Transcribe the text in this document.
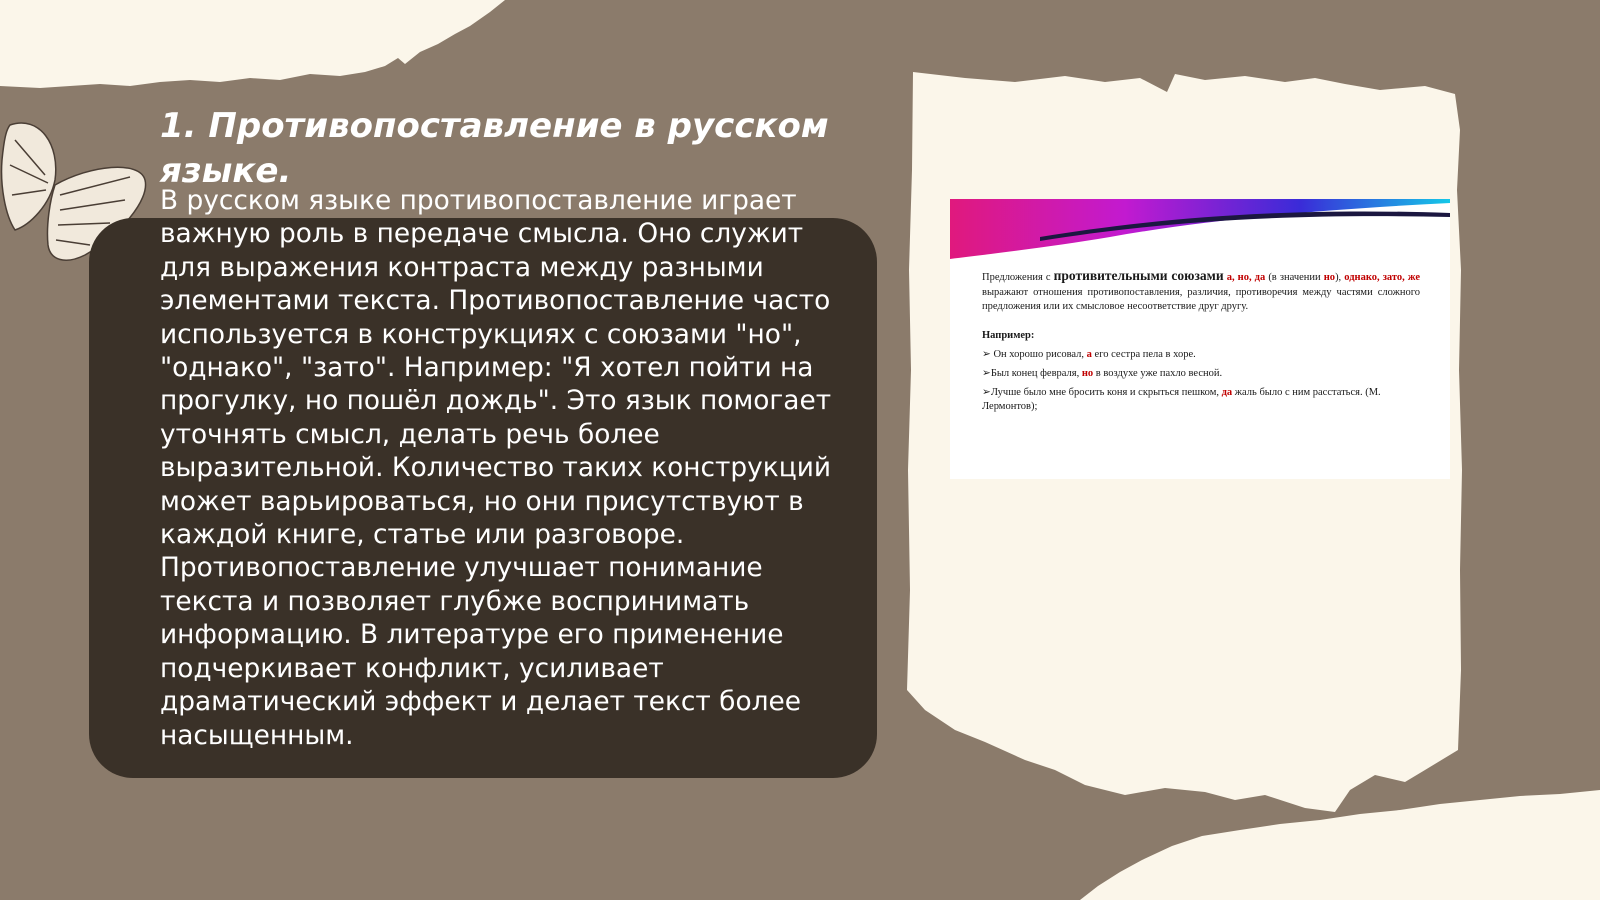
1. Противопоставление в русском языке.

В русском языке противопоставление играет важную роль в передаче смысла. Оно служит для выражения контраста между разными элементами текста. Противопоставление часто используется в конструкциях с союзами "но", "однако", "зато". Например: "Я хотел пойти на прогулку, но пошёл дождь". Это язык помогает уточнять смысл, делать речь более выразительной. Количество таких конструкций может варьироваться, но они присутствуют в каждой книге, статье или разговоре. Противопоставление улучшает понимание текста и позволяет глубже воспринимать информацию. В литературе его применение подчеркивает конфликт, усиливает драматический эффект и делает текст более насыщенным.

Предложения с противительными союзами а, но, да (в значении но), однако, зато, же выражают отношения противопоставления, различия, противоречия между частями сложного предложения или их смысловое несоответствие друг другу.
Например:
➢ Он хорошо рисовал, а его сестра пела в хоре.
➢Был конец февраля, но в воздухе уже пахло весной.
➢Лучше было мне бросить коня и скрыться пешком, да жаль было с ним расстаться. (М. Лермонтов);
